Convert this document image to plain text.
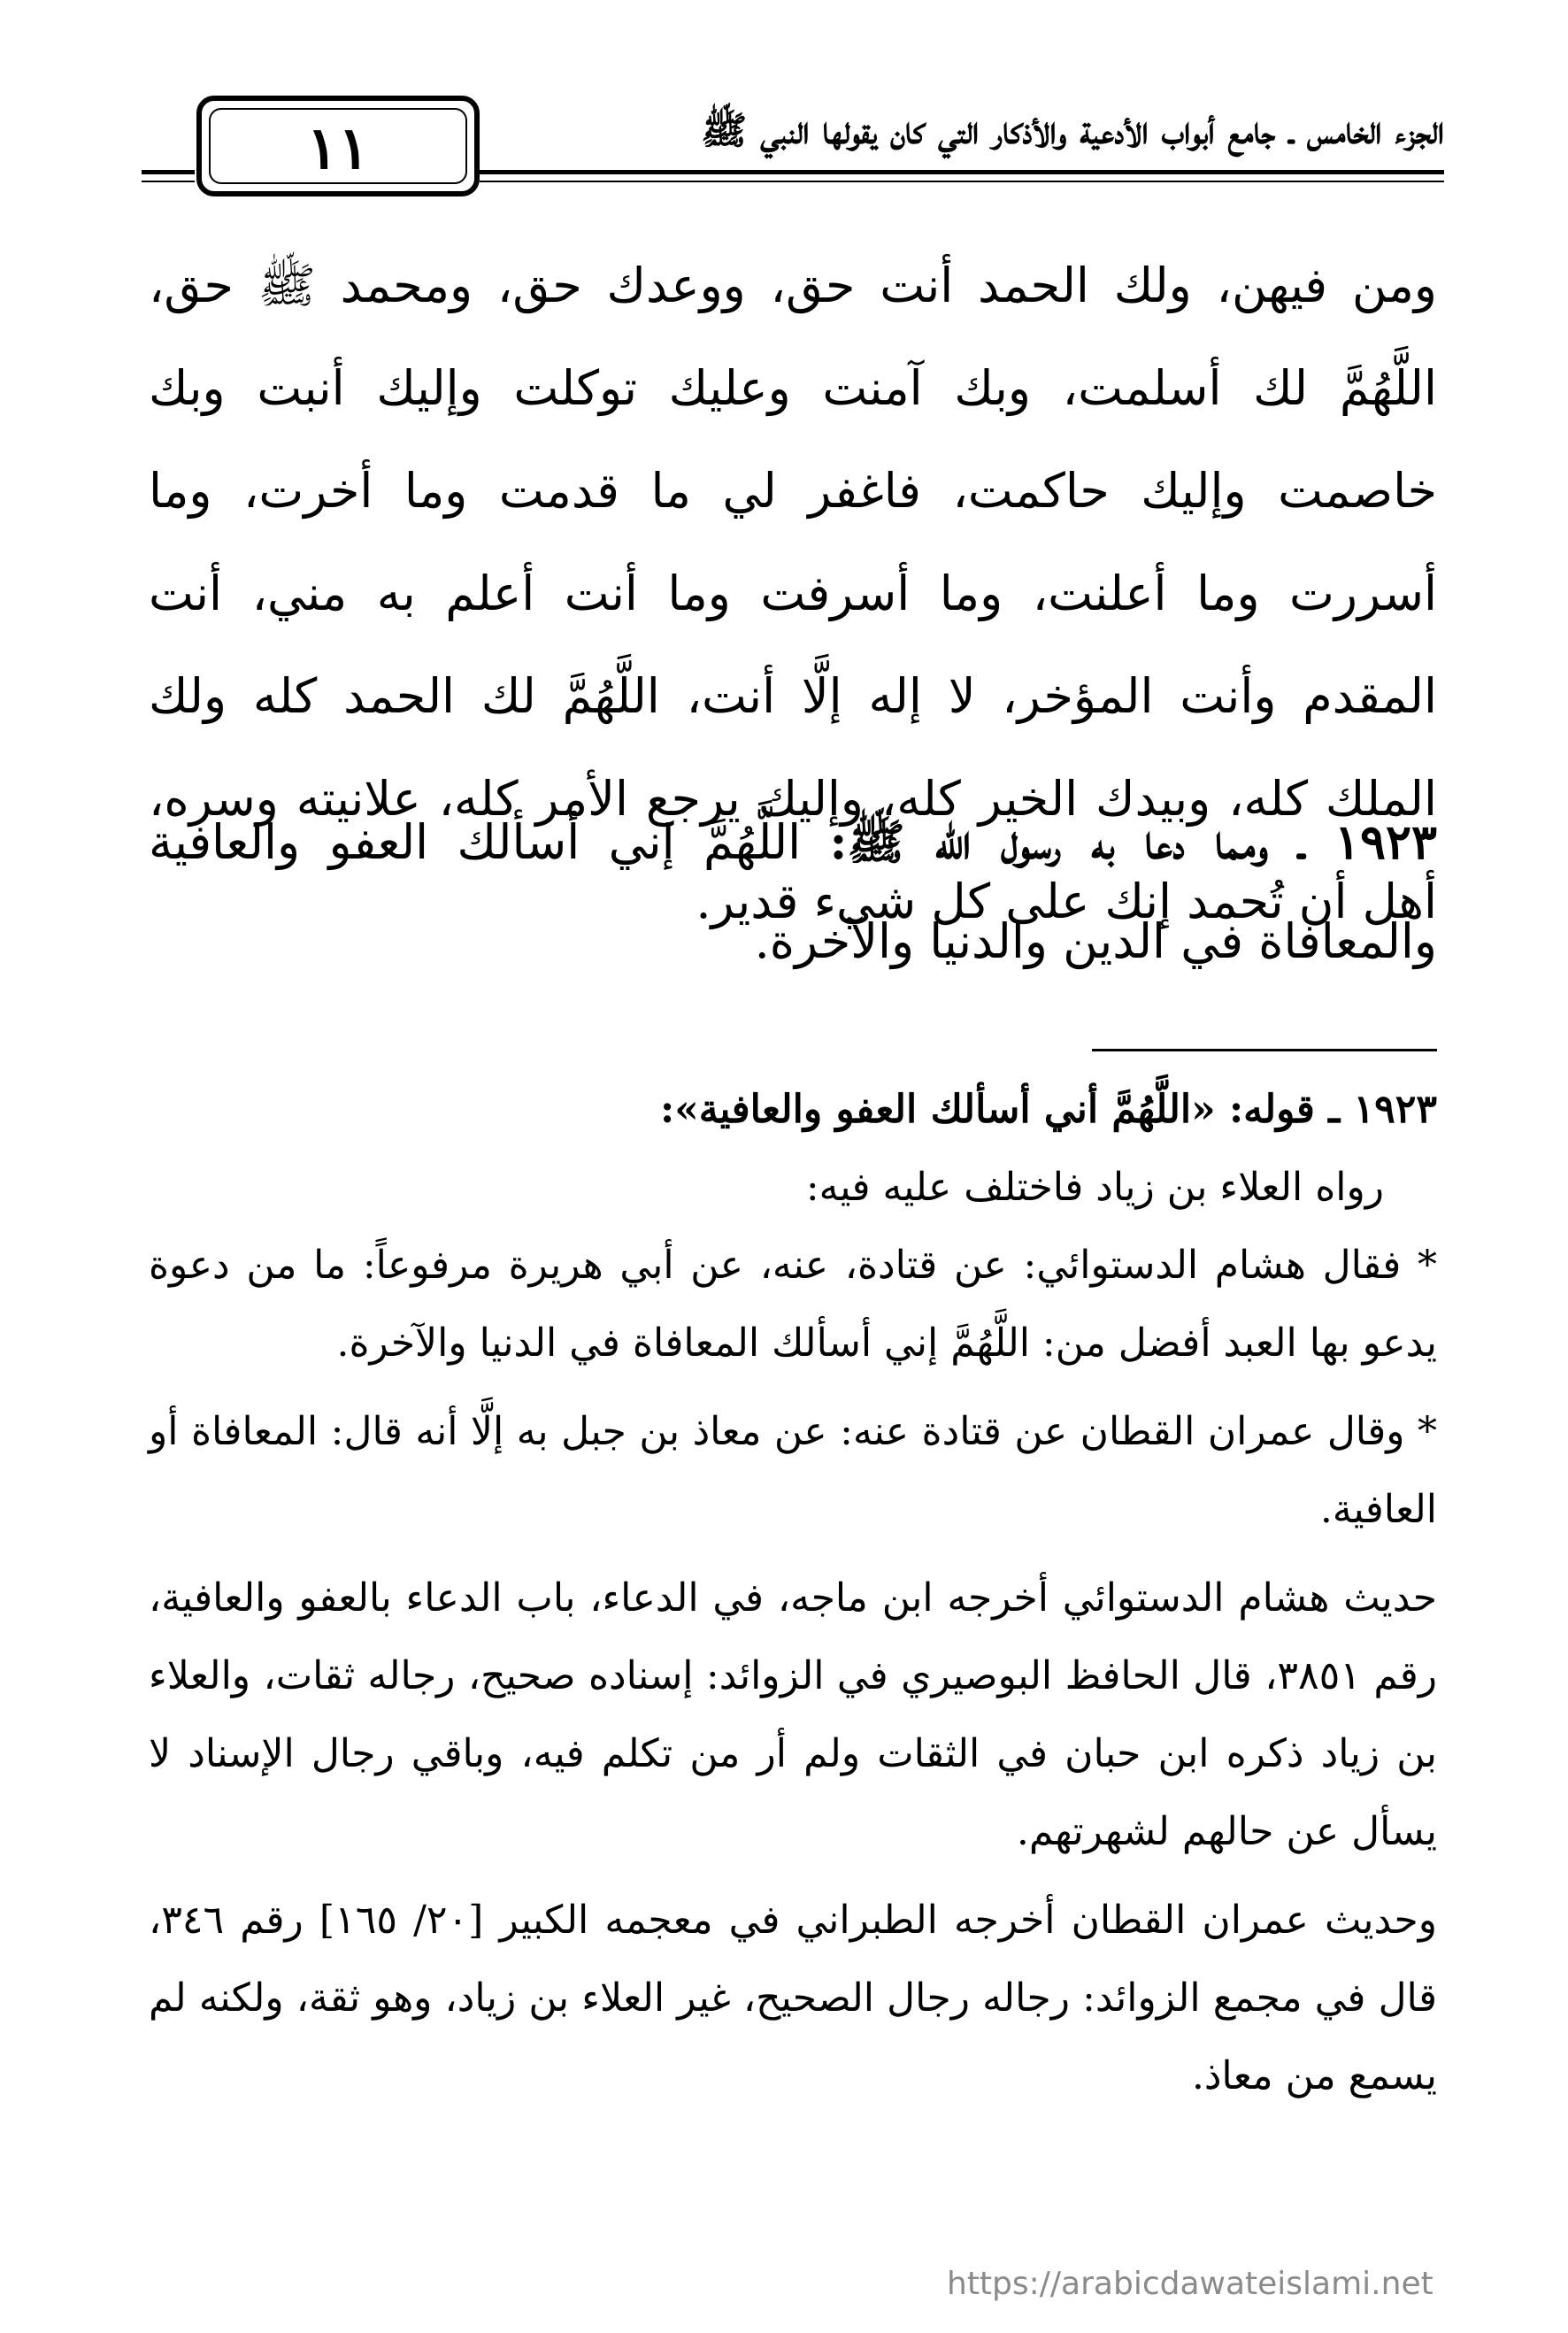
الجزء الخامس ـ جامع أبواب الأدعية والأذكار التي كان يقولها النبي ﷺ
١١

ومن فيهن، ولك الحمد أنت حق، ووعدك حق، ومحمد ﷺ حق، اللَّهُمَّ لك أسلمت، وبك آمنت وعليك توكلت وإليك أنبت وبك خاصمت وإليك حاكمت، فاغفر لي ما قدمت وما أخرت، وما أسررت وما أعلنت، وما أسرفت وما أنت أعلم به مني، أنت المقدم وأنت المؤخر، لا إله إلَّا أنت، اللَّهُمَّ لك الحمد كله ولك الملك كله، وبيدك الخير كله، وإليك يرجع الأمر كله، علانيته وسره، أهل أن تُحمد إنك على كل شيء قدير.

١٩٢٣ ـ ومما دعا به رسول الله ﷺ: اللَّهُمَّ إني أسألك العفو والعافية والمعافاة في الدين والدنيا والآخرة.

١٩٢٣ ـ قوله: «اللَّهُمَّ أني أسألك العفو والعافية»:

رواه العلاء بن زياد فاختلف عليه فيه:

* فقال هشام الدستوائي: عن قتادة، عنه، عن أبي هريرة مرفوعاً: ما من دعوة يدعو بها العبد أفضل من: اللَّهُمَّ إني أسألك المعافاة في الدنيا والآخرة.

* وقال عمران القطان عن قتادة عنه: عن معاذ بن جبل به إلَّا أنه قال: المعافاة أو العافية.

حديث هشام الدستوائي أخرجه ابن ماجه، في الدعاء، باب الدعاء بالعفو والعافية، رقم ٣٨٥١، قال الحافظ البوصيري في الزوائد: إسناده صحيح، رجاله ثقات، والعلاء بن زياد ذكره ابن حبان في الثقات ولم أر من تكلم فيه، وباقي رجال الإسناد لا يسأل عن حالهم لشهرتهم.

وحديث عمران القطان أخرجه الطبراني في معجمه الكبير [٢٠/ ١٦٥] رقم ٣٤٦، قال في مجمع الزوائد: رجاله رجال الصحيح، غير العلاء بن زياد، وهو ثقة، ولكنه لم يسمع من معاذ.

https://arabicdawateislami.net
